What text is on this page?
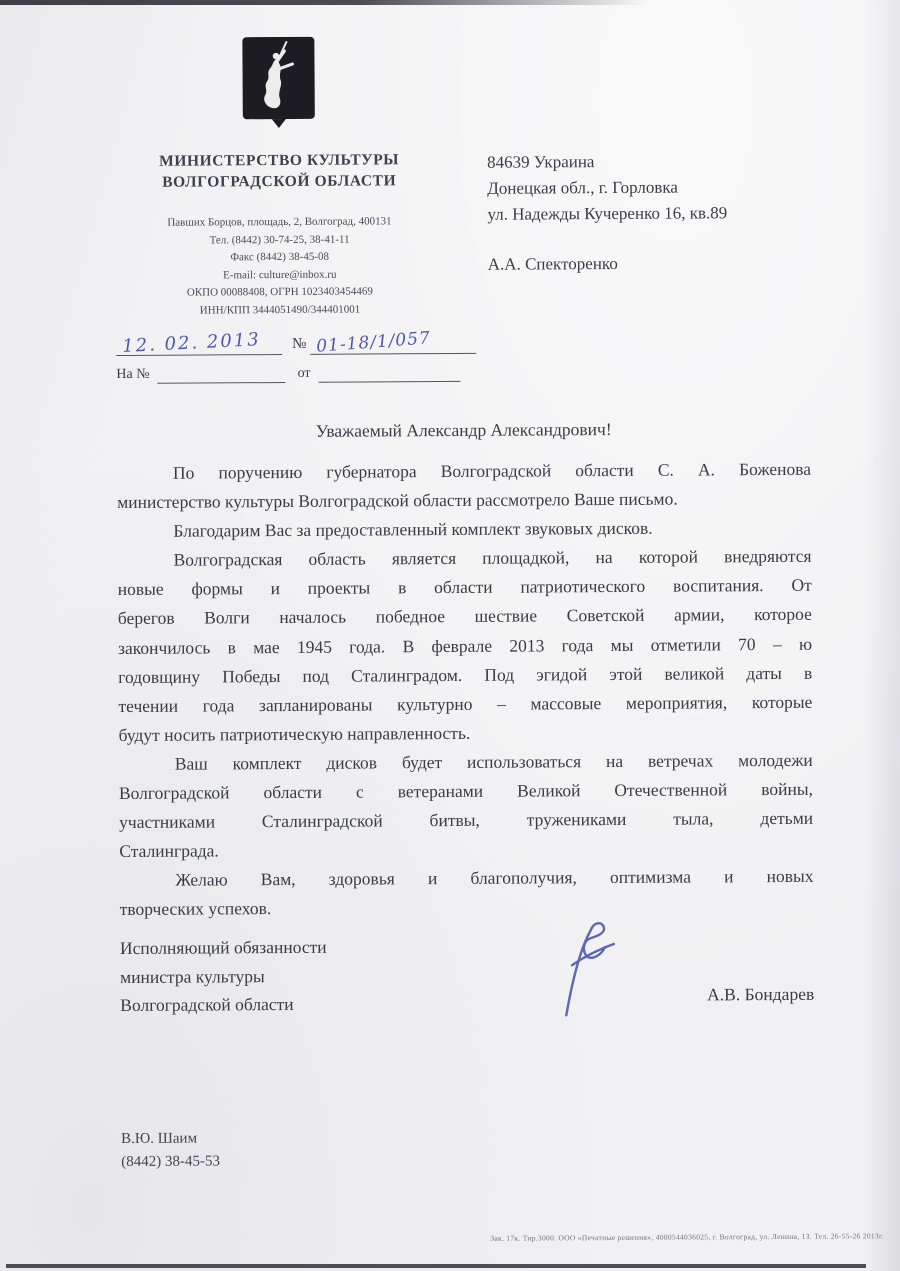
МИНИСТЕРСТВО КУЛЬТУРЫ
ВОЛГОГРАДСКОЙ ОБЛАСТИ
Павших Борцов, площадь, 2, Волгоград, 400131
Тел. (8442) 30-74-25, 38-41-11
Факс (8442) 38-45-08
E-mail: culture@inbox.ru
ОКПО 00088408, ОГРН 1023403454469
ИНН/КПП 3444051490/344401001
84639 Украина
Донецкая обл., г. Горловка
ул. Надежды Кучеренко 16, кв.89
А.А. Спекторенко
12. 02. 2013 № 01-18/1/057
На №	от
Уважаемый Александр Александрович!
По поручению губернатора Волгоградской области С. А. Боженова
министерство культуры Волгоградской области рассмотрело Ваше письмо.
Благодарим Вас за предоставленный комплект звуковых дисков.
Волгоградская область является площадкой, на которой внедряются
новые формы и проекты в области патриотического воспитания. От
берегов Волги началось победное шествие Советской армии, которое
закончилось в мае 1945 года. В феврале 2013 года мы отметили 70 – ю
годовщину Победы под Сталинградом. Под эгидой этой великой даты в
течении года запланированы культурно – массовые мероприятия, которые
будут носить патриотическую направленность.
Ваш комплект дисков будет использоваться на ветречах молодежи
Волгоградской области с ветеранами Великой Отечественной войны,
участниками Сталинградской битвы, тружениками тыла, детьми
Сталинграда.
Желаю Вам, здоровья и благополучия, оптимизма и новых
творческих успехов.
Исполняющий обязанности
министра культуры
Волгоградской области	А.В. Бондарев
В.Ю. Шаим
(8442) 38-45-53
Зак. 17к. Тир.3000. ООО «Печатные решения», 4000544036025, г. Волгоград, ул. Ленина, 13. Тел. 26-55-26 2013г.
